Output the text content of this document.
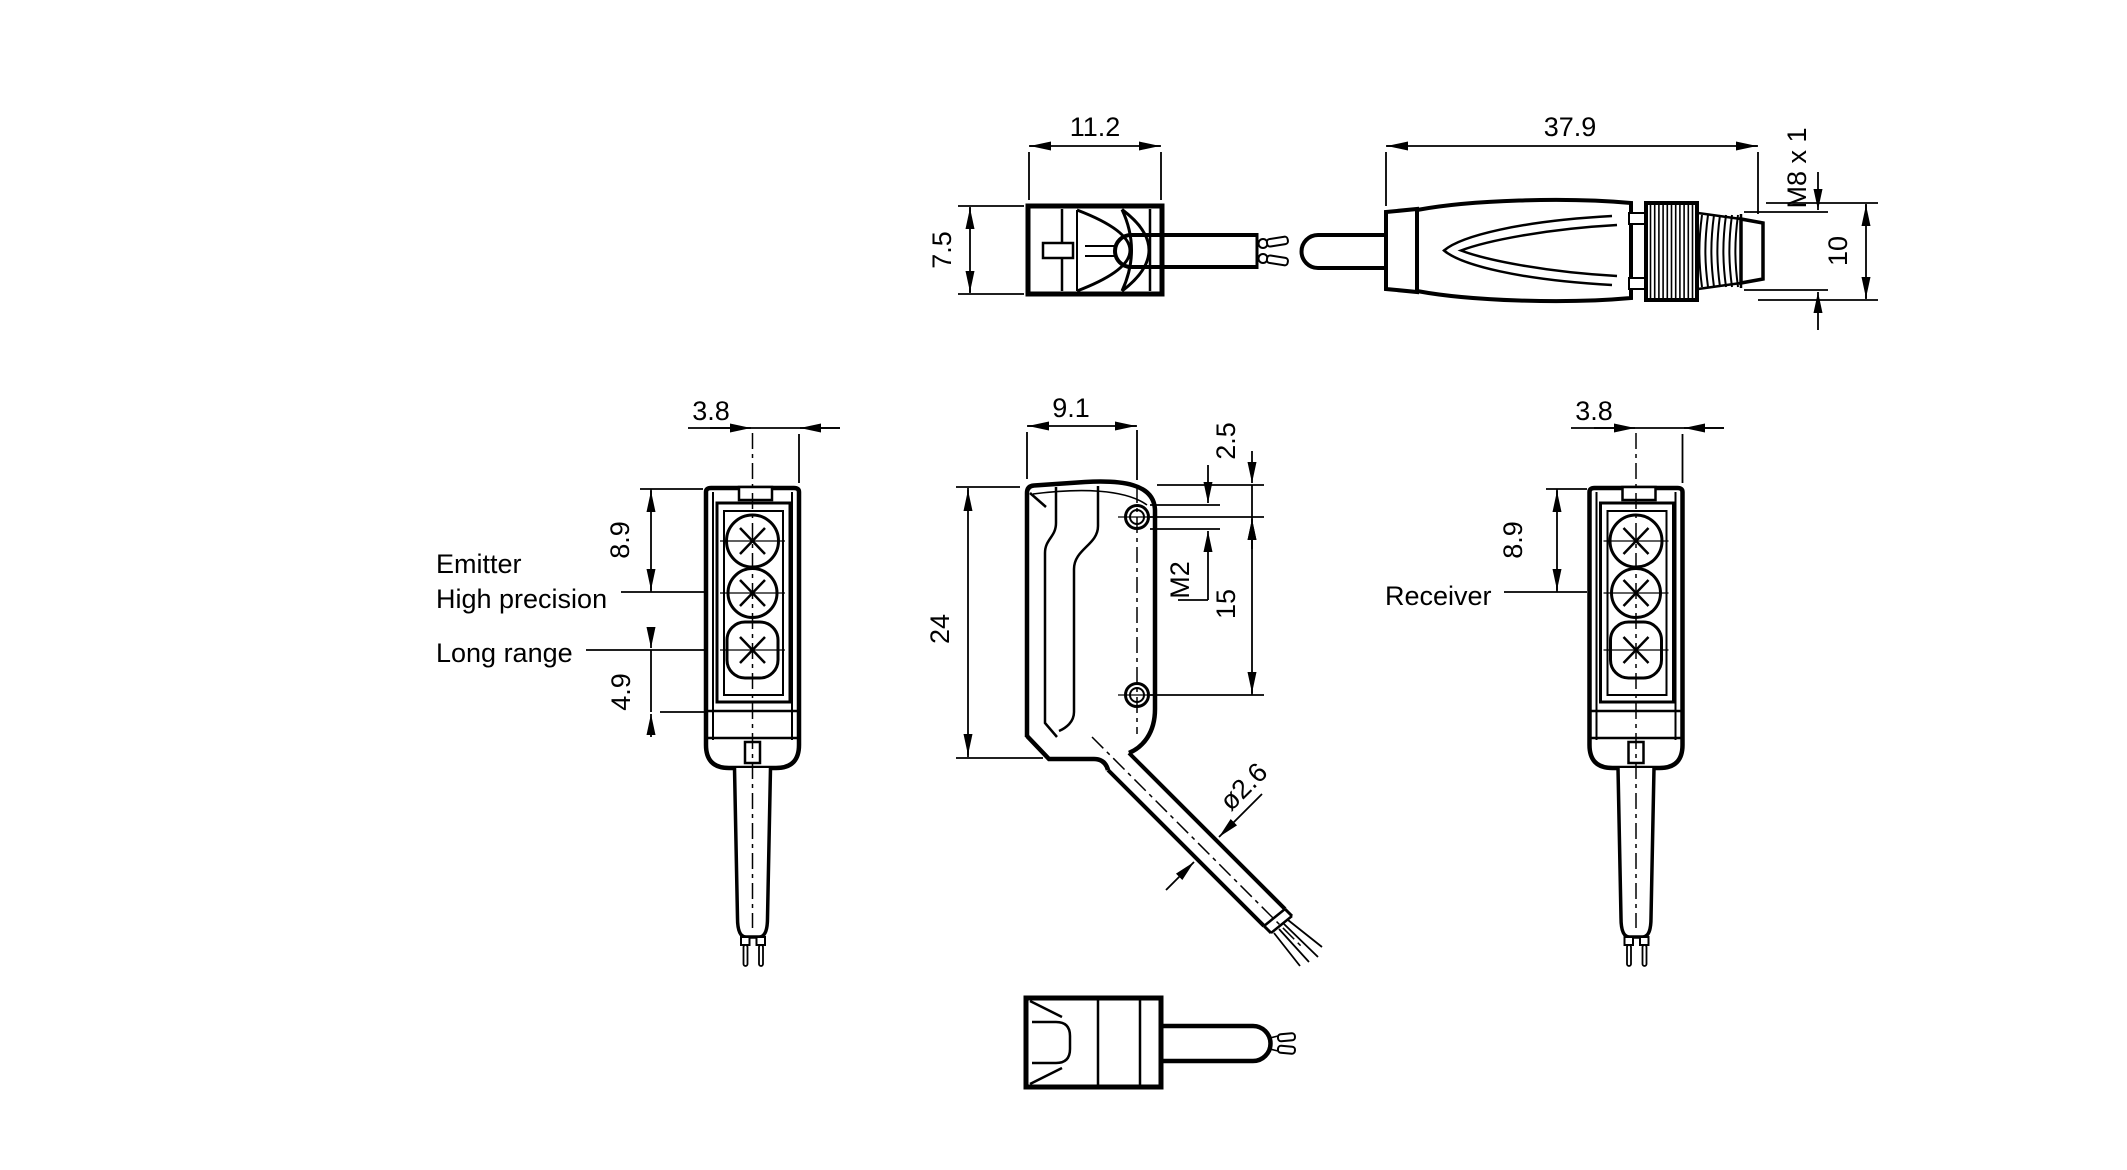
11.2
7.5
37.9
M8 x 1
10
3.8
8.9
4.9
Emitter
High precision
Long range
9.1
24
2.5
15
M2
ø2.6
3.8
8.9
Receiver
